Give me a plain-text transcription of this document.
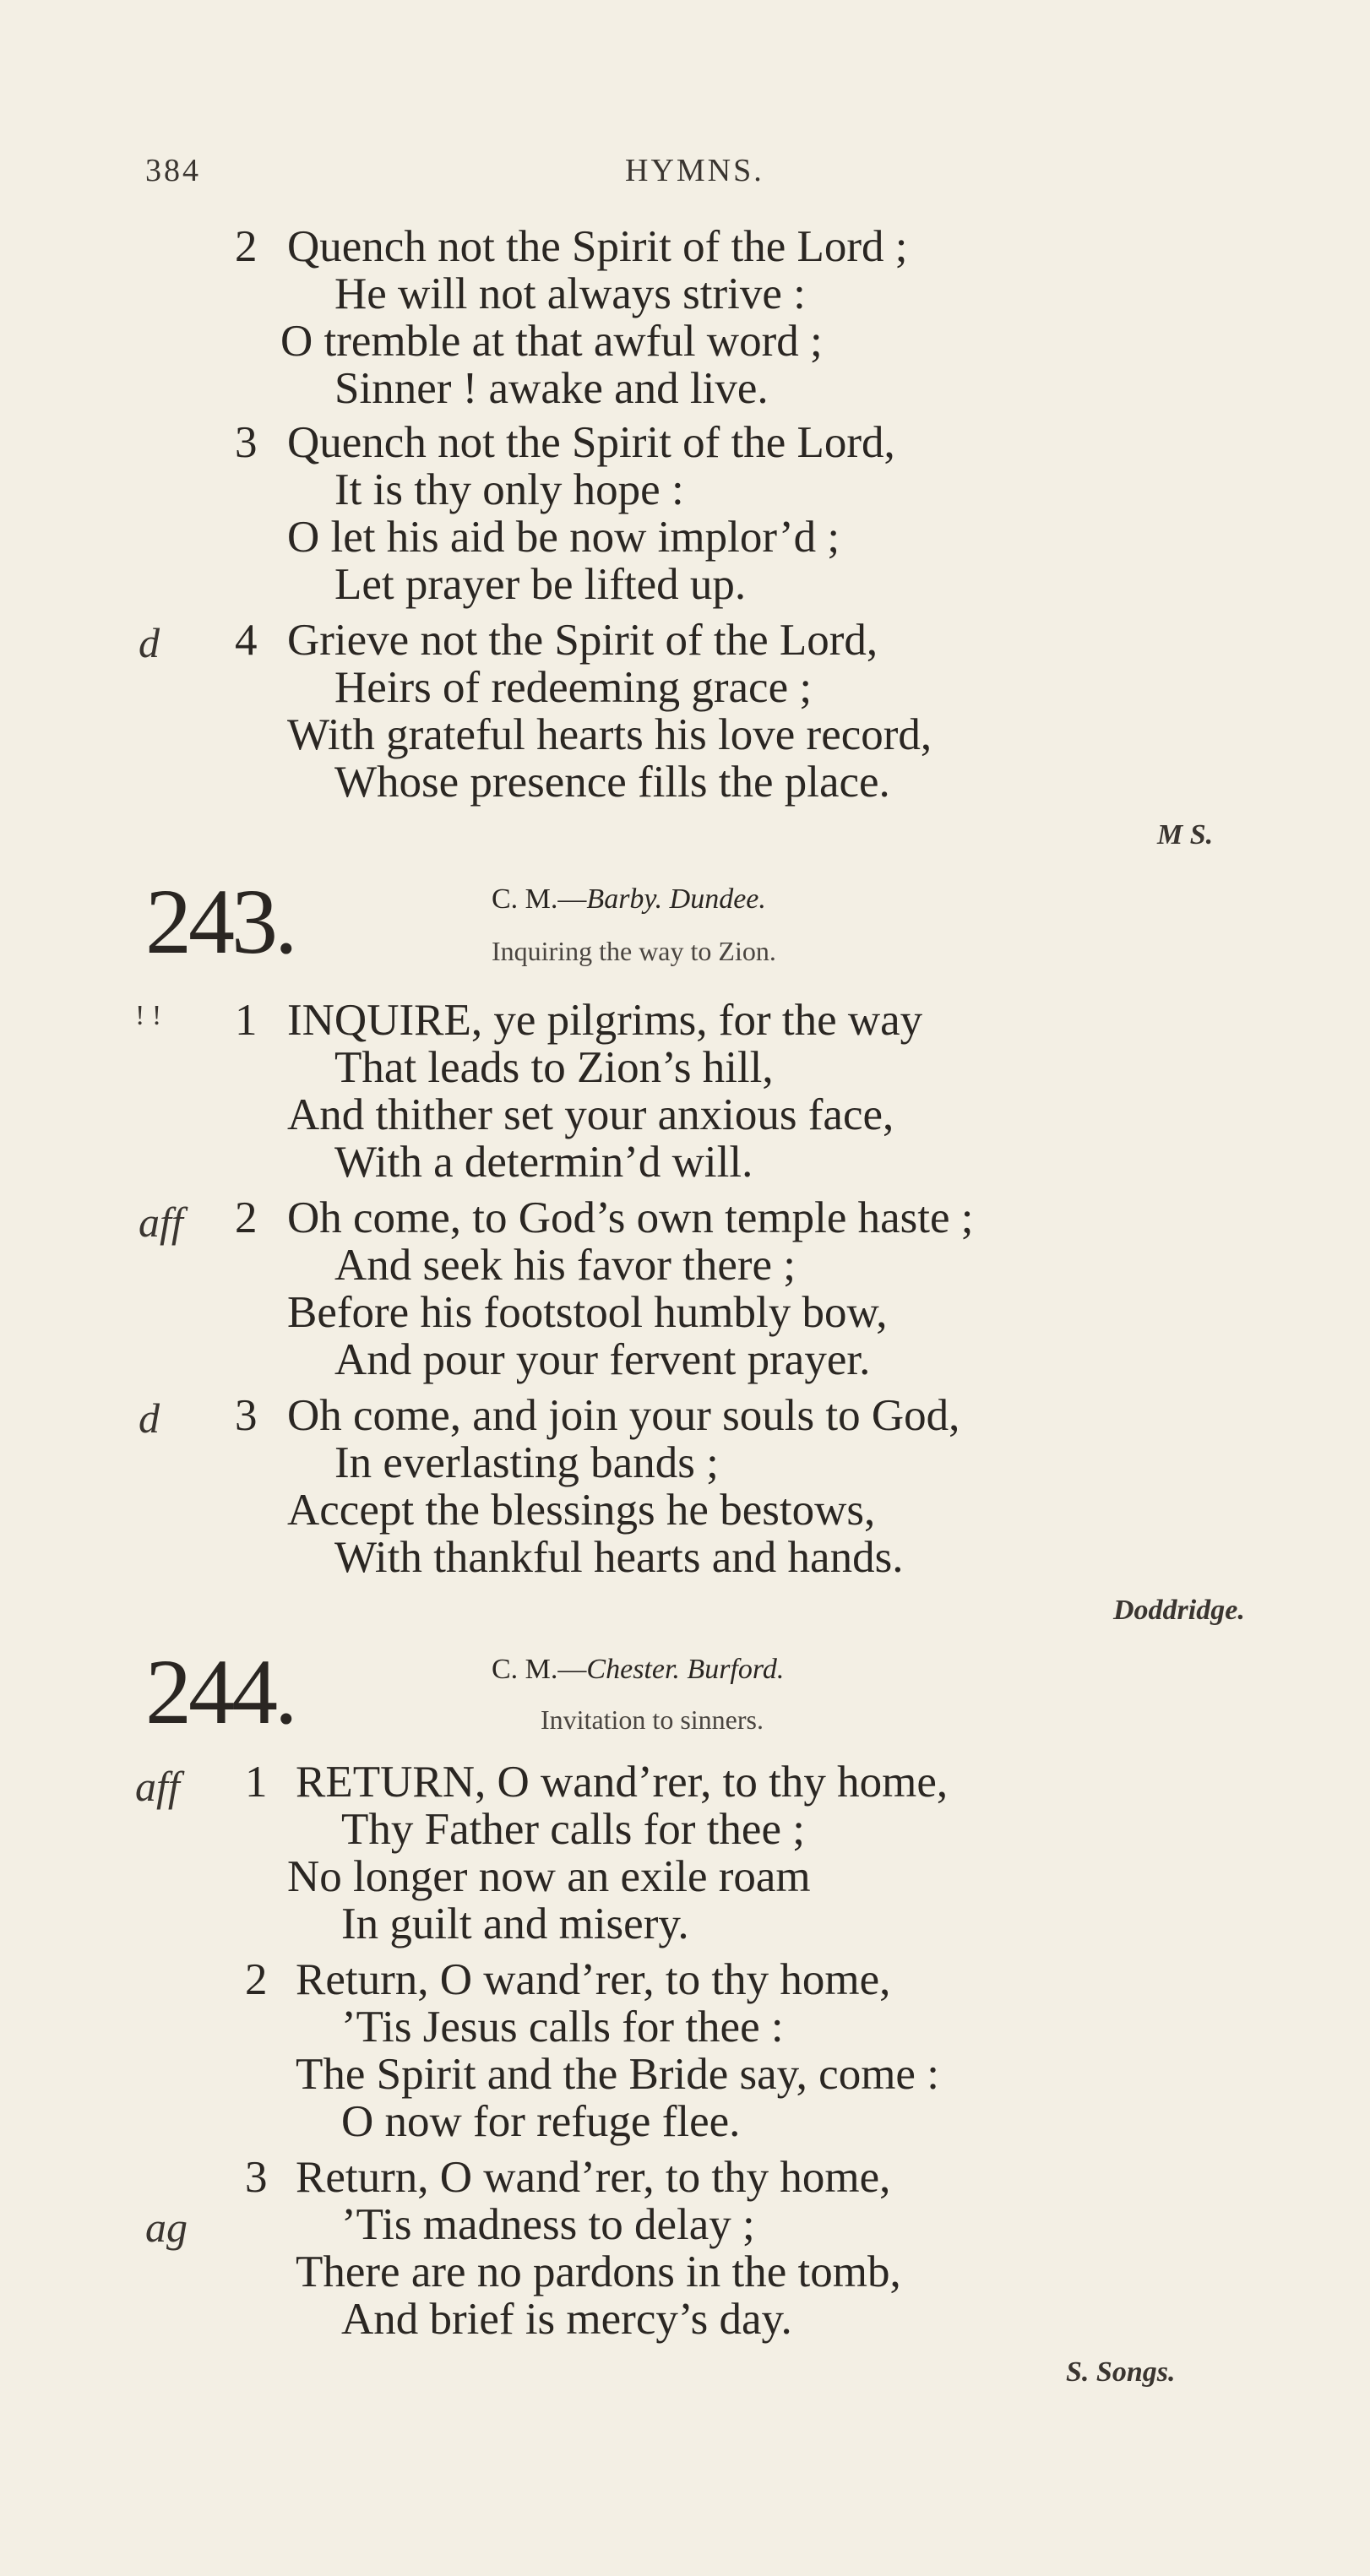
384	HYMNS.
2 Quench not the Spirit of the Lord ;
He will not always strive :
O tremble at that awful word ;
Sinner ! awake and live.
3 Quench not the Spirit of the Lord,
It is thy only hope :
O let his aid be now implor’d ;
Let prayer be lifted up.
d 4 Grieve not the Spirit of the Lord,
Heirs of redeeming grace ;
With grateful hearts his love record,
Whose presence fills the place.
M S.
243.	C. M.—Barby. Dundee.
Inquiring the way to Zion.
! ! 1 INQUIRE, ye pilgrims, for the way
That leads to Zion’s hill,
And thither set your anxious face,
With a determin’d will.
aff 2 Oh come, to God’s own temple haste ;
And seek his favor there ;
Before his footstool humbly bow,
And pour your fervent prayer.
d 3 Oh come, and join your souls to God,
In everlasting bands ;
Accept the blessings he bestows,
With thankful hearts and hands.
Doddridge.
244.	C. M.—Chester. Burford.
Invitation to sinners.
aff 1 RETURN, O wand’rer, to thy home,
Thy Father calls for thee ;
No longer now an exile roam
In guilt and misery.
2 Return, O wand’rer, to thy home,
’Tis Jesus calls for thee :
The Spirit and the Bride say, come :
O now for refuge flee.
3 Return, O wand’rer, to thy home,
ag	’Tis madness to delay ;
There are no pardons in the tomb,
And brief is mercy’s day.
S. Songs.
